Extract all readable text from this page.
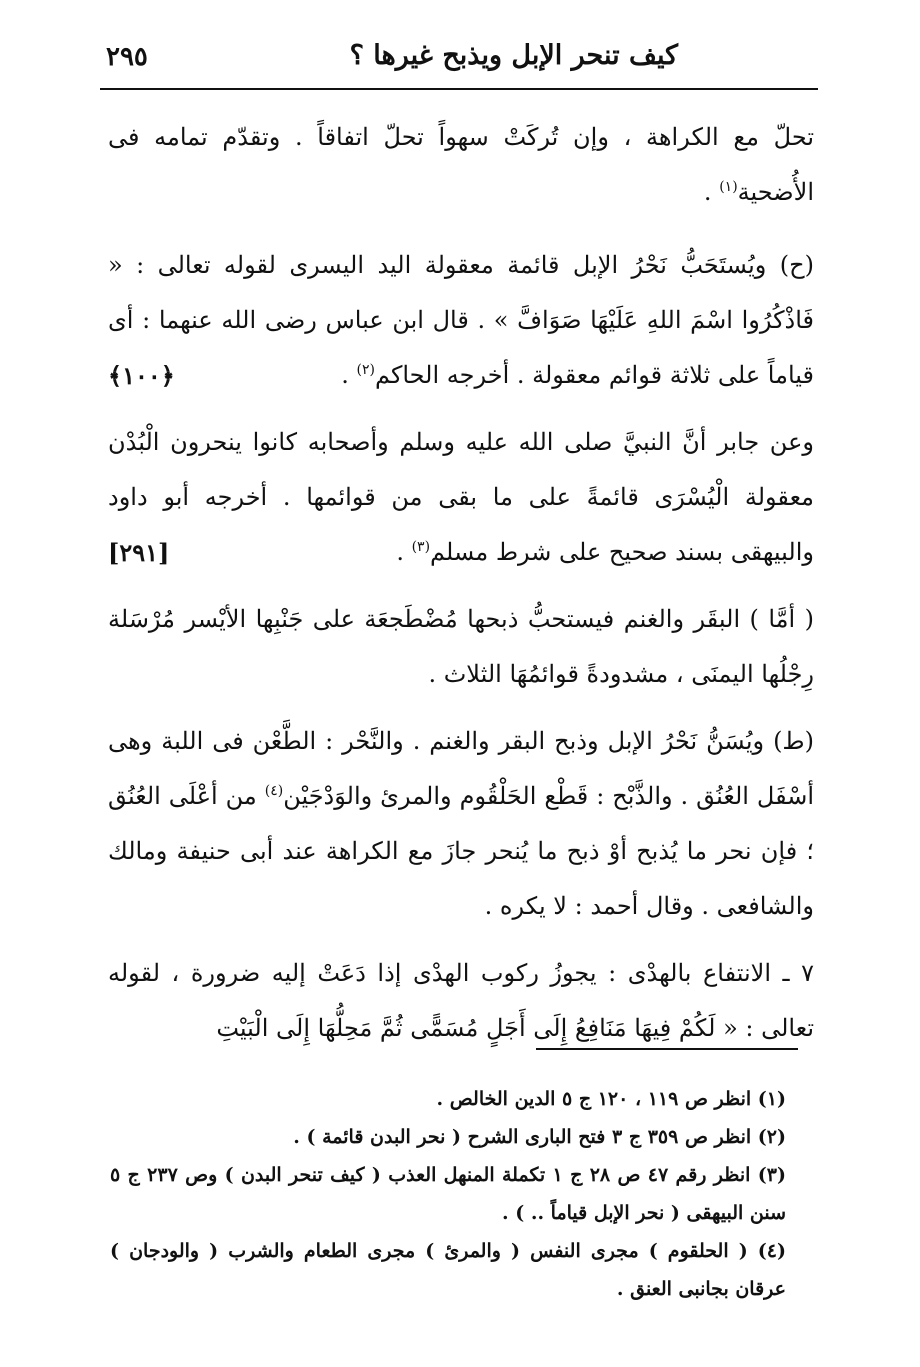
كيف تنحر الإبل ويذبح غيرها ؟
٢٩٥

تحلّ مع الكراهة ، وإن تُركَتْ سهواً تحلّ اتفاقاً . وتقدّم تمامه فى الأُضحية$^{(١)}$ .

(ح) ويُستَحَبُّ نَحْرُ الإبل قائمة معقولة اليد اليسرى لقوله تعالى : « فَاذْكُرُوا اسْمَ اللهِ عَلَيْهَا صَوَافَّ » . قال ابن عباس رضى الله عنهما : أى قياماً على ثلاثة قوائم معقولة . أخرجه الحاكم$^{(٢)}$ .
﴿١٠٠﴾

وعن جابر أنَّ النبيَّ صلى الله عليه وسلم وأصحابه كانوا ينحرون الْبُدْن معقولة الْيُسْرَى قائمةً على ما بقى من قوائمها . أخرجه أبو داود والبيهقى بسند صحيح على شرط مسلم$^{(٣)}$ .
[٢٩١]

( أمَّا ) البقَر والغنم فيستحبُّ ذبحها مُضْطَجعَة على جَنْبِها الأيْسر مُرْسَلة رِجْلُها اليمنَى ، مشدودةً قوائمُهَا الثلاث .

(ط) ويُسَنُّ نَحْرُ الإبل وذبح البقر والغنم . والنَّحْر : الطَّعْن فى اللبة وهى أسْفَل العُنُق . والذَّبْح : قَطْع الحَلْقُوم والمرئ والوَدْجَيْن$^{(٤)}$ من أعْلَى العُنُق ؛ فإن نحر ما يُذبح أوْ ذبح ما يُنحر جازَ مع الكراهة عند أبى حنيفة ومالك والشافعى . وقال أحمد : لا يكره .

٧ ـ الانتفاع بالهدْى : يجوزُ ركوب الهدْى إذا دَعَتْ إليه ضرورة ، لقوله تعالى : « لَكُمْ فِيهَا مَنَافِعُ إِلَى أَجَلٍ مُسَمًّى ثُمَّ مَحِلُّهَا إِلَى الْبَيْتِ

(١) انظر ص ١١٩ ، ١٢٠ ج ٥ الدين الخالص .

(٢) انظر ص ٣٥٩ ج ٣ فتح البارى الشرح ( نحر البدن قائمة ) .

(٣) انظر رقم ٤٧ ص ٢٨ ج ١ تكملة المنهل العذب ( كيف تنحر البدن ) وص ٢٣٧ ج ٥ سنن البيهقى ( نحر الإبل قياماً .. ) .

(٤) ( الحلقوم ) مجرى النفس ( والمرئ ) مجرى الطعام والشرب ( والودجان ) عرقان بجانبى العنق .
